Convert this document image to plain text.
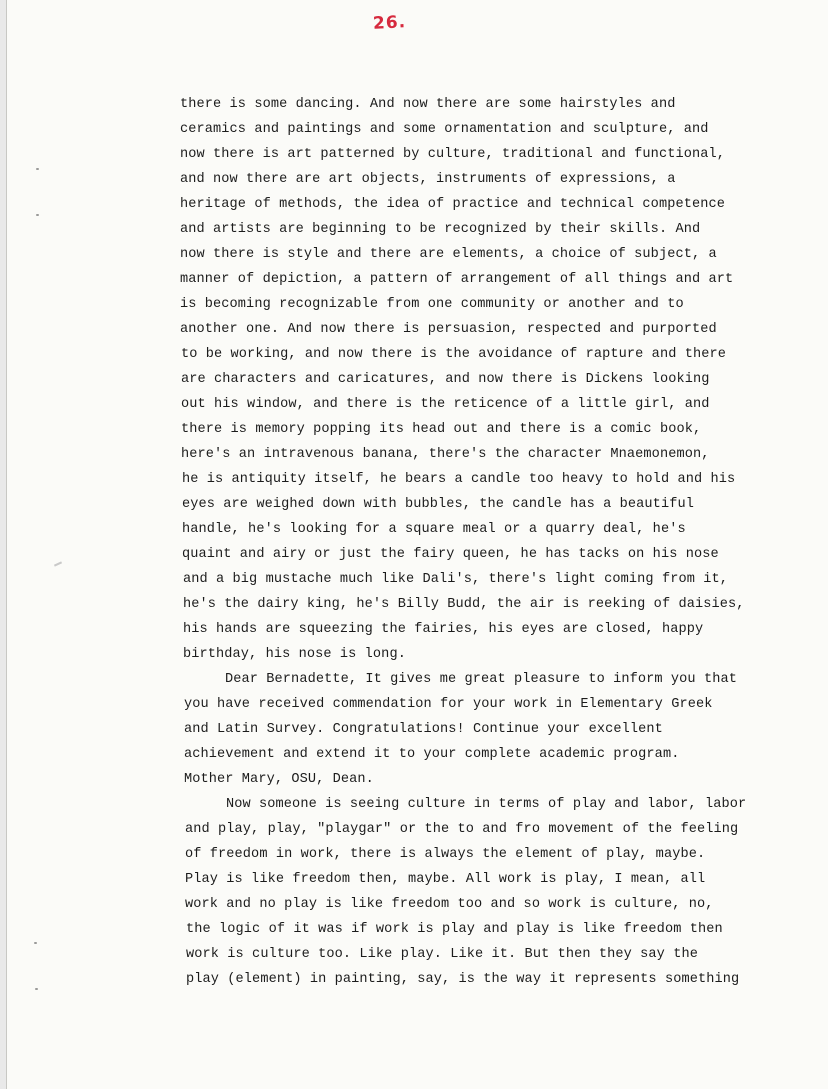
26.
there is some dancing. And now there are some hairstyles and
ceramics and paintings and some ornamentation and sculpture, and
now there is art patterned by culture, traditional and functional,
and now there are art objects, instruments of expressions, a
heritage of methods, the idea of practice and technical competence
and artists are beginning to be recognized by their skills. And
now there is style and there are elements, a choice of subject, a
manner of depiction, a pattern of arrangement of all things and art
is becoming recognizable from one community or another and to
another one. And now there is persuasion, respected and purported
to be working, and now there is the avoidance of rapture and there
are characters and caricatures, and now there is Dickens looking
out his window, and there is the reticence of a little girl, and
there is memory popping its head out and there is a comic book,
here's an intravenous banana, there's the character Mnaemonemon,
he is antiquity itself, he bears a candle too heavy to hold and his
eyes are weighed down with bubbles, the candle has a beautiful
handle, he's looking for a square meal or a quarry deal, he's
quaint and airy or just the fairy queen, he has tacks on his nose
and a big mustache much like Dali's, there's light coming from it,
he's the dairy king, he's Billy Budd, the air is reeking of daisies,
his hands are squeezing the fairies, his eyes are closed, happy
birthday, his nose is long.
Dear Bernadette, It gives me great pleasure to inform you that
you have received commendation for your work in Elementary Greek
and Latin Survey. Congratulations! Continue your excellent
achievement and extend it to your complete academic program.
Mother Mary, OSU, Dean.
Now someone is seeing culture in terms of play and labor, labor
and play, play, "playgar" or the to and fro movement of the feeling
of freedom in work, there is always the element of play, maybe.
Play is like freedom then, maybe. All work is play, I mean, all
work and no play is like freedom too and so work is culture, no,
the logic of it was if work is play and play is like freedom then
work is culture too. Like play. Like it. But then they say the
play (element) in painting, say, is the way it represents something
